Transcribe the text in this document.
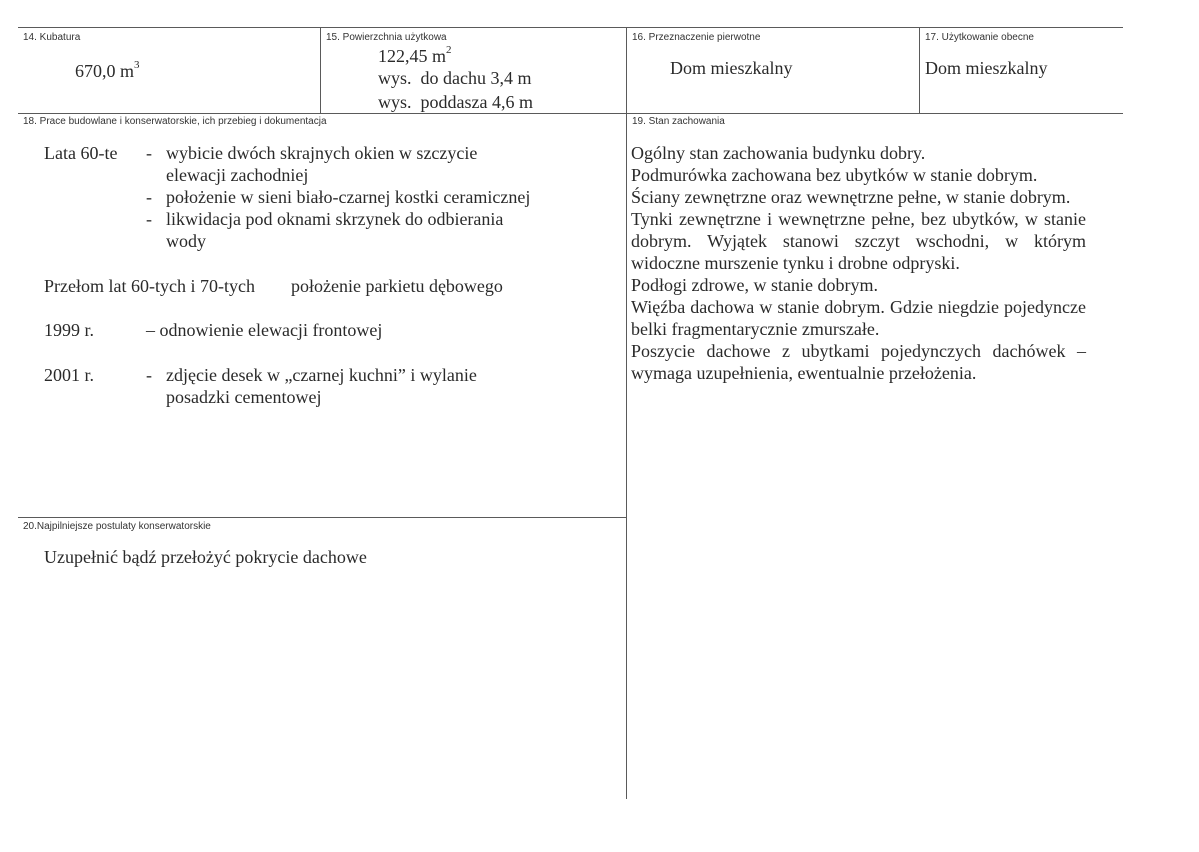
14. Kubatura
670,0 $m^3$
15. Powierzchnia użytkowa
122,45 $m^2$
wys.  do dachu 3,4 m
wys.  poddasza 4,6 m
16. Przeznaczenie pierwotne
Dom mieszkalny
17. Użytkowanie obecne
Dom mieszkalny
18. Prace budowlane i konserwatorskie, ich przebieg i dokumentacja
Lata 60-te - wybicie dwóch skrajnych okien w szczycie
elewacji zachodniej
- położenie w sieni biało-czarnej kostki ceramicznej
- likwidacja pod oknami skrzynek do odbierania
wody
Przełom lat 60-tych i 70-tych położenie parkietu dębowego
1999 r.	– odnowienie elewacji frontowej
2001 r.	- zdjęcie desek w „czarnej kuchni” i wylanie
posadzki cementowej
19. Stan zachowania

Ogólny stan zachowania budynku dobry.

Podmurówka zachowana bez ubytków w stanie dobrym.

Ściany zewnętrzne oraz wewnętrzne pełne, w stanie dobrym.

Tynki zewnętrzne i wewnętrzne pełne, bez ubytków, w stanie dobrym. Wyjątek stanowi szczyt wschodni, w którym widoczne murszenie tynku i drobne odpryski.

Podłogi zdrowe, w stanie dobrym.

Więźba dachowa w stanie dobrym. Gdzie niegdzie pojedyncze belki fragmentarycznie zmurszałe.

Poszycie dachowe z ubytkami pojedynczych dachówek – wymaga uzupełnienia, ewentualnie przełożenia.

20.Najpilniejsze postulaty konserwatorskie
Uzupełnić bądź przełożyć pokrycie dachowe
